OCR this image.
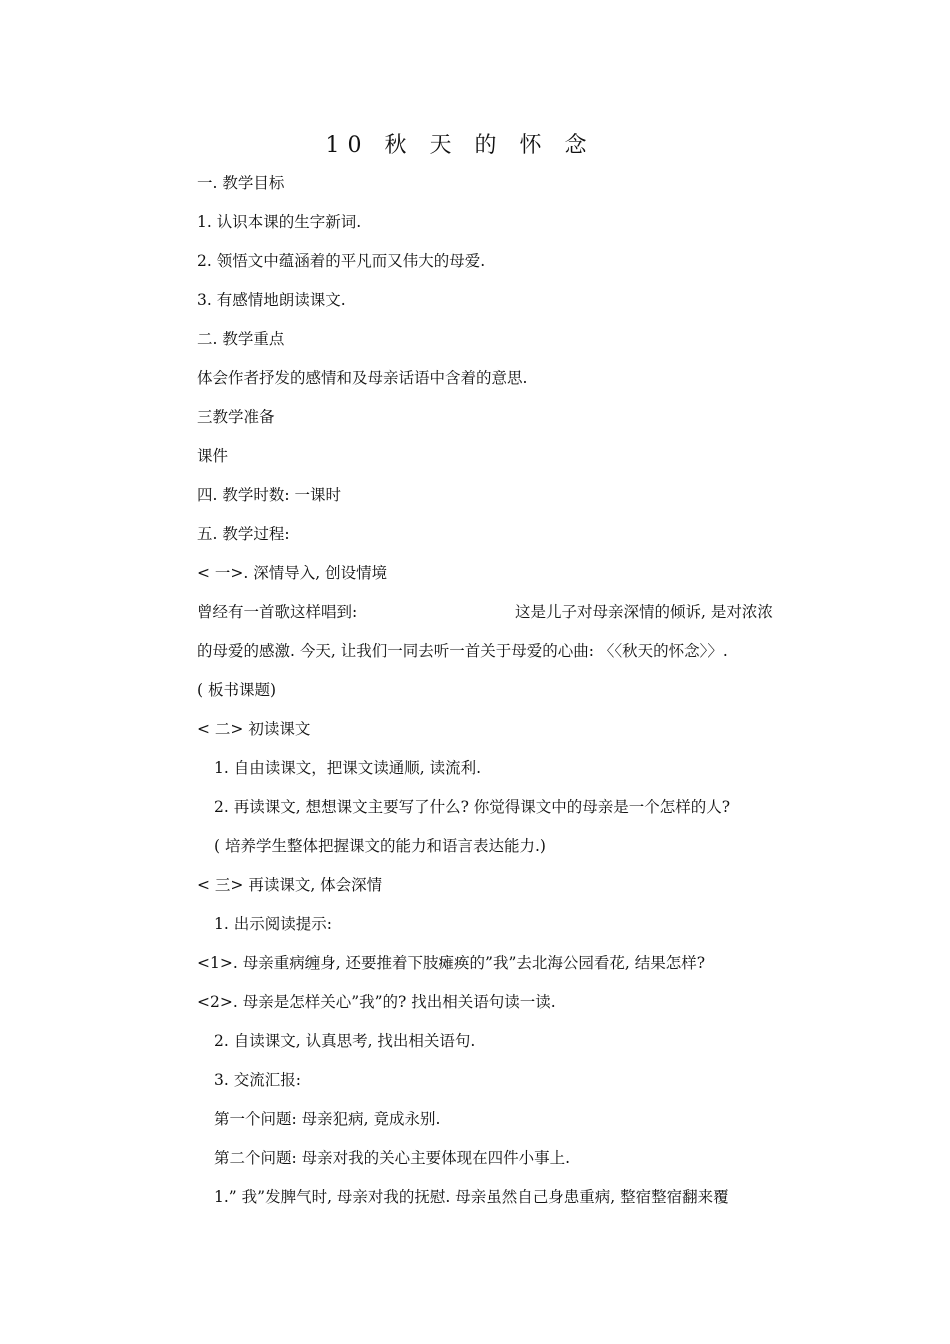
10 秋 天 的 怀 念
一. 教学目标
1. 认识本课的生字新词.
2. 领悟文中蕴涵着的平凡而又伟大的母爱.
3. 有感情地朗读课文.
二. 教学重点
体会作者抒发的感情和及母亲话语中含着的意思.
三教学准备
课件
四. 教学时数: 一课时
五. 教学过程:
< 一>. 深情导入, 创设情境
曾经有一首歌这样唱到:	这是儿子对母亲深情的倾诉, 是对浓浓
的母爱的感激. 今天, 让我们一同去听一首关于母爱的心曲: 〈〈秋天的怀念〉〉.
( 板书课题)
< 二> 初读课文
1. 自由读课文，把课文读通顺, 读流利.
2. 再读课文, 想想课文主要写了什么? 你觉得课文中的母亲是一个怎样的人?
( 培养学生整体把握课文的能力和语言表达能力.)
< 三> 再读课文, 体会深情
1. 出示阅读提示:
<1>. 母亲重病缠身, 还要推着下肢瘫痪的”我”去北海公园看花, 结果怎样?
<2>. 母亲是怎样关心”我”的? 找出相关语句读一读.
2. 自读课文, 认真思考, 找出相关语句.
3. 交流汇报:
第一个问题: 母亲犯病, 竟成永别.
第二个问题: 母亲对我的关心主要体现在四件小事上.
1.” 我”发脾气时, 母亲对我的抚慰. 母亲虽然自己身患重病, 整宿整宿翻来覆
